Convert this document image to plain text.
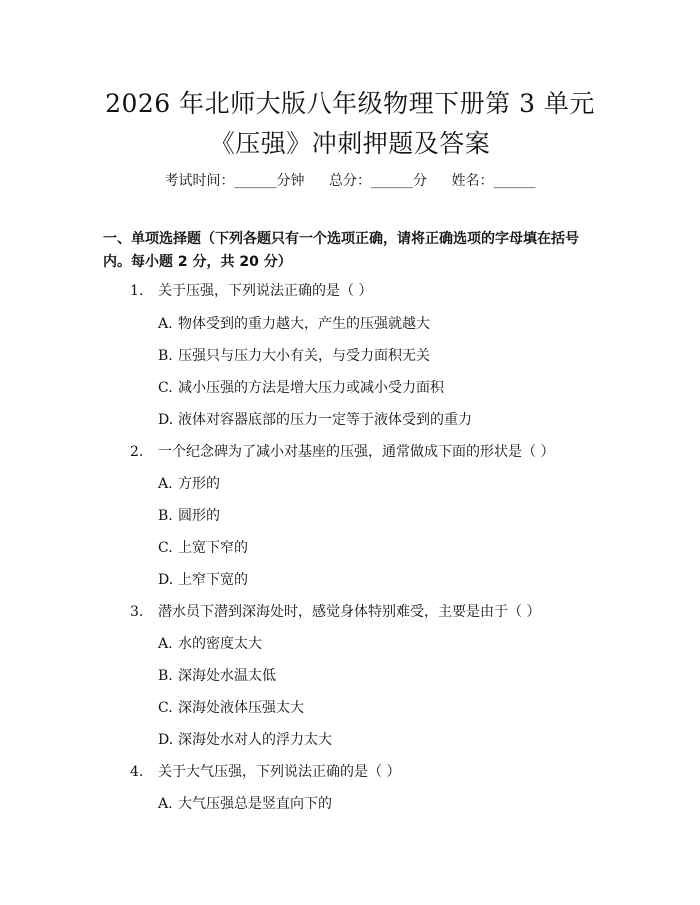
2026 年北师大版八年级物理下册第 3 单元
《压强》冲刺押题及答案
考试时间：______分钟 总分：______分 姓名：______
一、单项选择题（下列各题只有一个选项正确，请将正确选项的字母填在括号内。每小题 2 分，共 20 分）
1. 关于压强，下列说法正确的是（ ）
A. 物体受到的重力越大，产生的压强就越大
B. 压强只与压力大小有关，与受力面积无关
C. 减小压强的方法是增大压力或减小受力面积
D. 液体对容器底部的压力一定等于液体受到的重力
2. 一个纪念碑为了减小对基座的压强，通常做成下面的形状是（ ）
A. 方形的
B. 圆形的
C. 上宽下窄的
D. 上窄下宽的
3. 潜水员下潜到深海处时，感觉身体特别难受，主要是由于（ ）
A. 水的密度太大
B. 深海处水温太低
C. 深海处液体压强太大
D. 深海处水对人的浮力太大
4. 关于大气压强，下列说法正确的是（ ）
A. 大气压强总是竖直向下的
